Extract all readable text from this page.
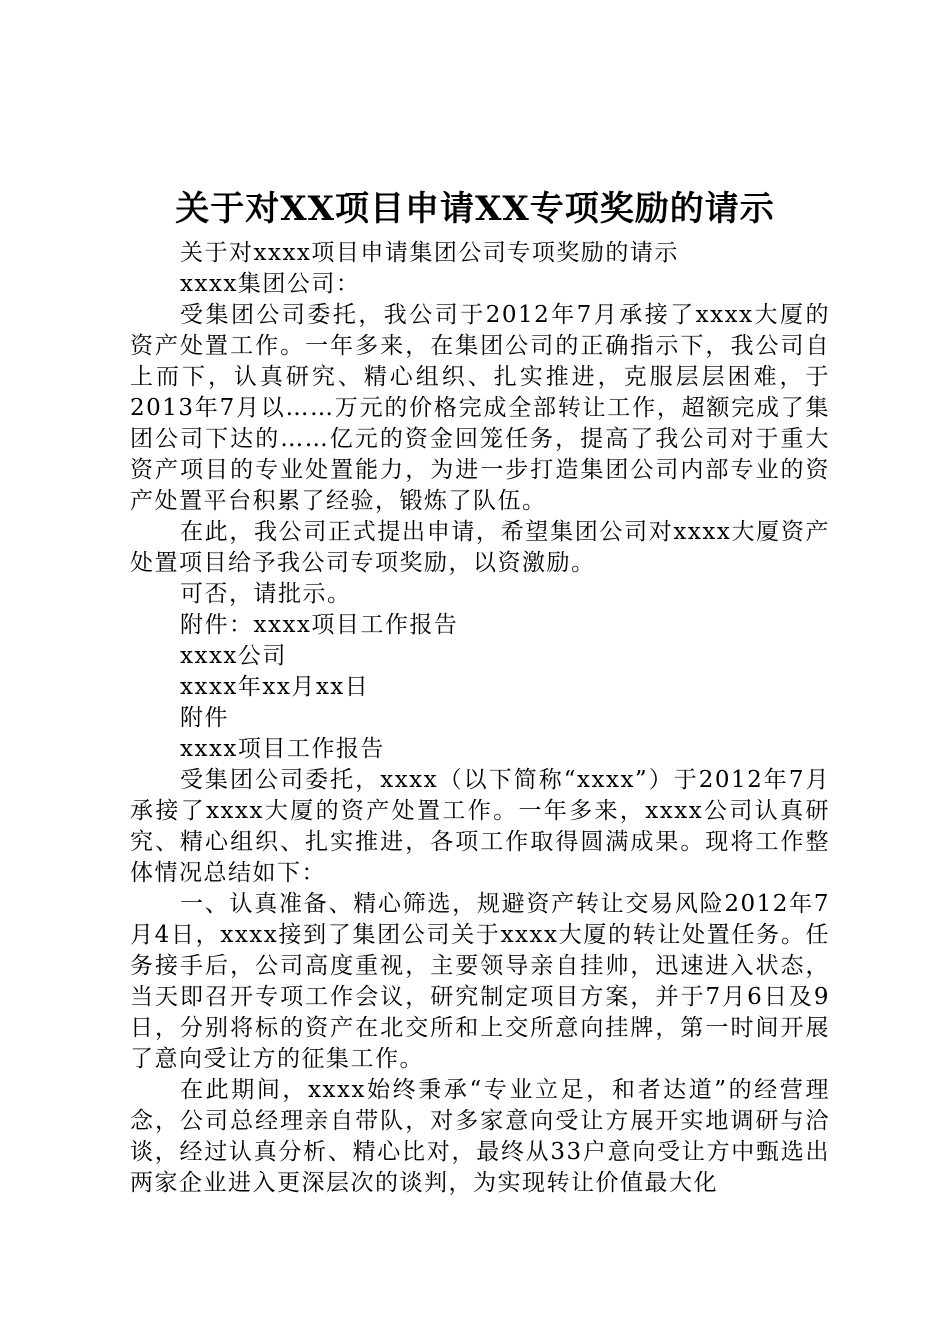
关于对XX项目申请XX专项奖励的请示

关于对xxxx项目申请集团公司专项奖励的请示

xxxx集团公司：

受集团公司委托，我公司于2012年7月承接了xxxx大厦的资产处置工作。一年多来，在集团公司的正确指示下，我公司自上而下，认真研究、精心组织、扎实推进，克服层层困难，于2013年7月以……万元的价格完成全部转让工作，超额完成了集团公司下达的……亿元的资金回笼任务，提高了我公司对于重大资产项目的专业处置能力，为进一步打造集团公司内部专业的资产处置平台积累了经验，锻炼了队伍。

在此，我公司正式提出申请，希望集团公司对xxxx大厦资产处置项目给予我公司专项奖励，以资激励。

可否，请批示。

附件：xxxx项目工作报告

xxxx公司

xxxx年xx月xx日

附件

xxxx项目工作报告

受集团公司委托，xxxx（以下简称“xxxx”）于2012年7月承接了xxxx大厦的资产处置工作。一年多来，xxxx公司认真研究、精心组织、扎实推进，各项工作取得圆满成果。现将工作整体情况总结如下：

一、认真准备、精心筛选，规避资产转让交易风险2012年7月4日，xxxx接到了集团公司关于xxxx大厦的转让处置任务。任务接手后，公司高度重视，主要领导亲自挂帅，迅速进入状态，当天即召开专项工作会议，研究制定项目方案，并于7月6日及9日，分别将标的资产在北交所和上交所意向挂牌，第一时间开展了意向受让方的征集工作。

在此期间，xxxx始终秉承“专业立足，和者达道”的经营理念，公司总经理亲自带队，对多家意向受让方展开实地调研与洽谈，经过认真分析、精心比对，最终从33户意向受让方中甄选出两家企业进入更深层次的谈判，为实现转让价值最大化
